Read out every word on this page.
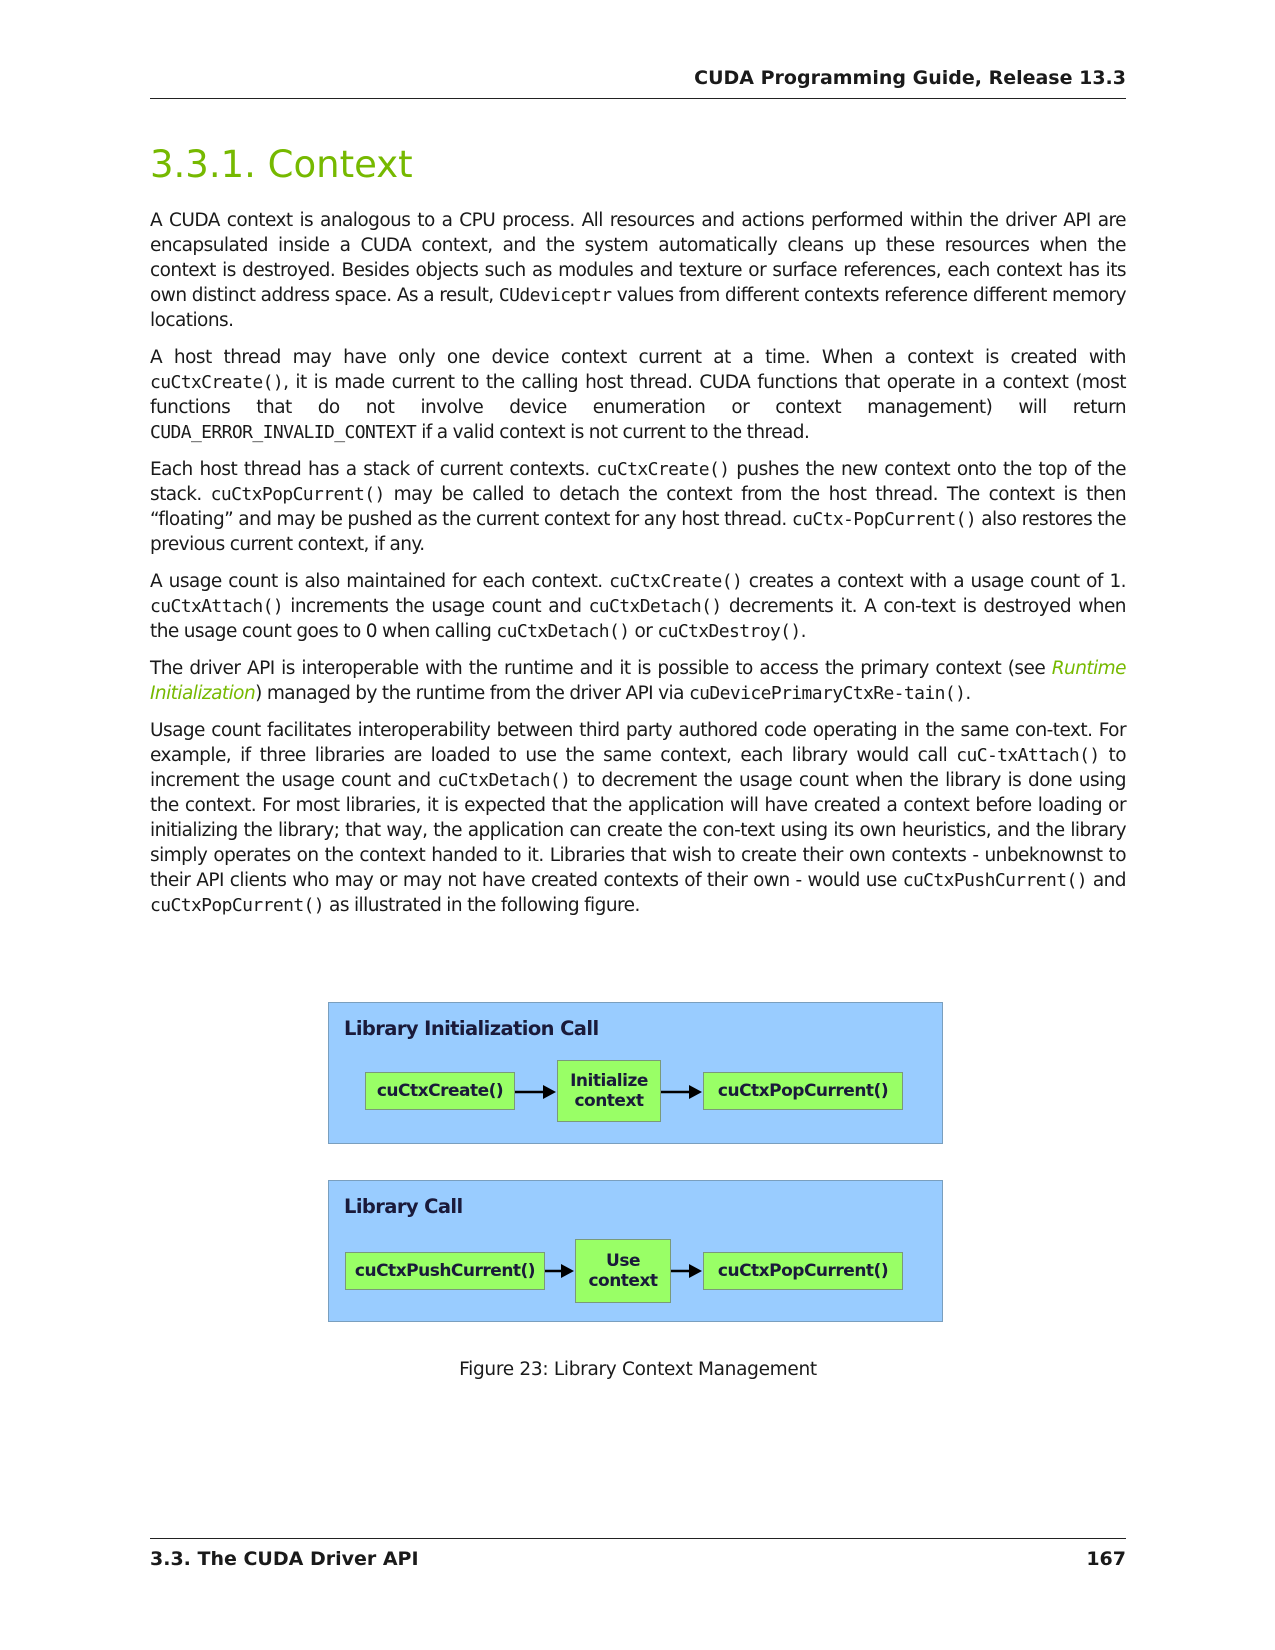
CUDA Programming Guide, Release 13.3
3.3.1. Context

A CUDA context is analogous to a CPU process. All resources and actions performed within the driver API are encapsulated inside a CUDA context, and the system automatically cleans up these resources when the context is destroyed. Besides objects such as modules and texture or surface references, each context has its own distinct address space. As a result, CUdeviceptr values from different contexts reference different memory locations.

A host thread may have only one device context current at a time. When a context is created with cuCtxCreate(), it is made current to the calling host thread. CUDA functions that operate in a context (most functions that do not involve device enumeration or context management) will return CUDA_ERROR_INVALID_CONTEXT if a valid context is not current to the thread.

Each host thread has a stack of current contexts. cuCtxCreate() pushes the new context onto the top of the stack. cuCtxPopCurrent() may be called to detach the context from the host thread. The context is then “floating” and may be pushed as the current context for any host thread. cuCtx-PopCurrent() also restores the previous current context, if any.

A usage count is also maintained for each context. cuCtxCreate() creates a context with a usage count of 1. cuCtxAttach() increments the usage count and cuCtxDetach() decrements it. A con-text is destroyed when the usage count goes to 0 when calling cuCtxDetach() or cuCtxDestroy().

The driver API is interoperable with the runtime and it is possible to access the primary context (see Runtime Initialization) managed by the runtime from the driver API via cuDevicePrimaryCtxRe-tain().

Usage count facilitates interoperability between third party authored code operating in the same con-text. For example, if three libraries are loaded to use the same context, each library would call cuC-txAttach() to increment the usage count and cuCtxDetach() to decrement the usage count when the library is done using the context. For most libraries, it is expected that the application will have created a context before loading or initializing the library; that way, the application can create the con-text using its own heuristics, and the library simply operates on the context handed to it. Libraries that wish to create their own contexts - unbeknownst to their API clients who may or may not have created contexts of their own - would use cuCtxPushCurrent() and cuCtxPopCurrent() as illustrated in the following figure.

Library Initialization Call
cuCtxCreate()	Initialize context	cuCtxPopCurrent()
Library Call
cuCtxPushCurrent()	Use context	cuCtxPopCurrent()
Figure 23: Library Context Management
3.3. The CUDA Driver API	167
